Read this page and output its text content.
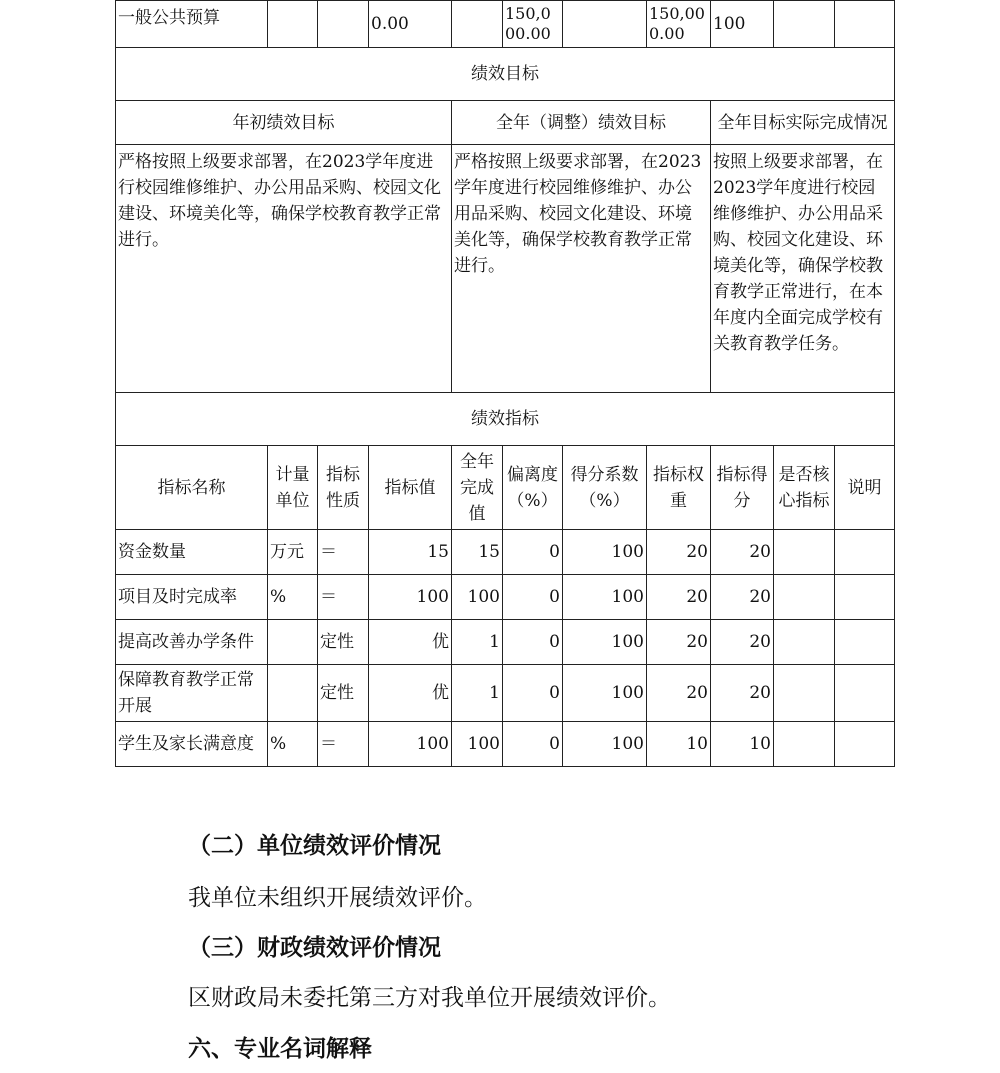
一般公共预算			0.00		150,000.00		150,000.00	100		
绩效目标										
年初绩效目标				全年（调整）绩效目标				全年目标实际完成情况		
严格按照上级要求部署，在2023学年度进行校园维修维护、办公用品采购、校园文化建设、环境美化等，确保学校教育教学正常进行。				严格按照上级要求部署，在2023学年度进行校园维修维护、办公用品采购、校园文化建设、环境美化等，确保学校教育教学正常进行。				按照上级要求部署，在2023学年度进行校园维修维护、办公用品采购、校园文化建设、环境美化等，确保学校教育教学正常进行，在本年度内全面完成学校有关教育教学任务。		
绩效指标										
指标名称	计量单位	指标性质	指标值	全年完成值	偏离度（%）	得分系数（%）	指标权重	指标得分	是否核心指标	说明
资金数量	万元	＝	15	15	0	100	20	20		
项目及时完成率	%	＝	100	100	0	100	20	20		
提高改善办学条件		定性	优	1	0	100	20	20		
保障教育教学正常开展		定性	优	1	0	100	20	20		
学生及家长满意度	%	＝	100	100	0	100	10	10		
（二）单位绩效评价情况
我单位未组织开展绩效评价。
（三）财政绩效评价情况
区财政局未委托第三方对我单位开展绩效评价。
六、专业名词解释
